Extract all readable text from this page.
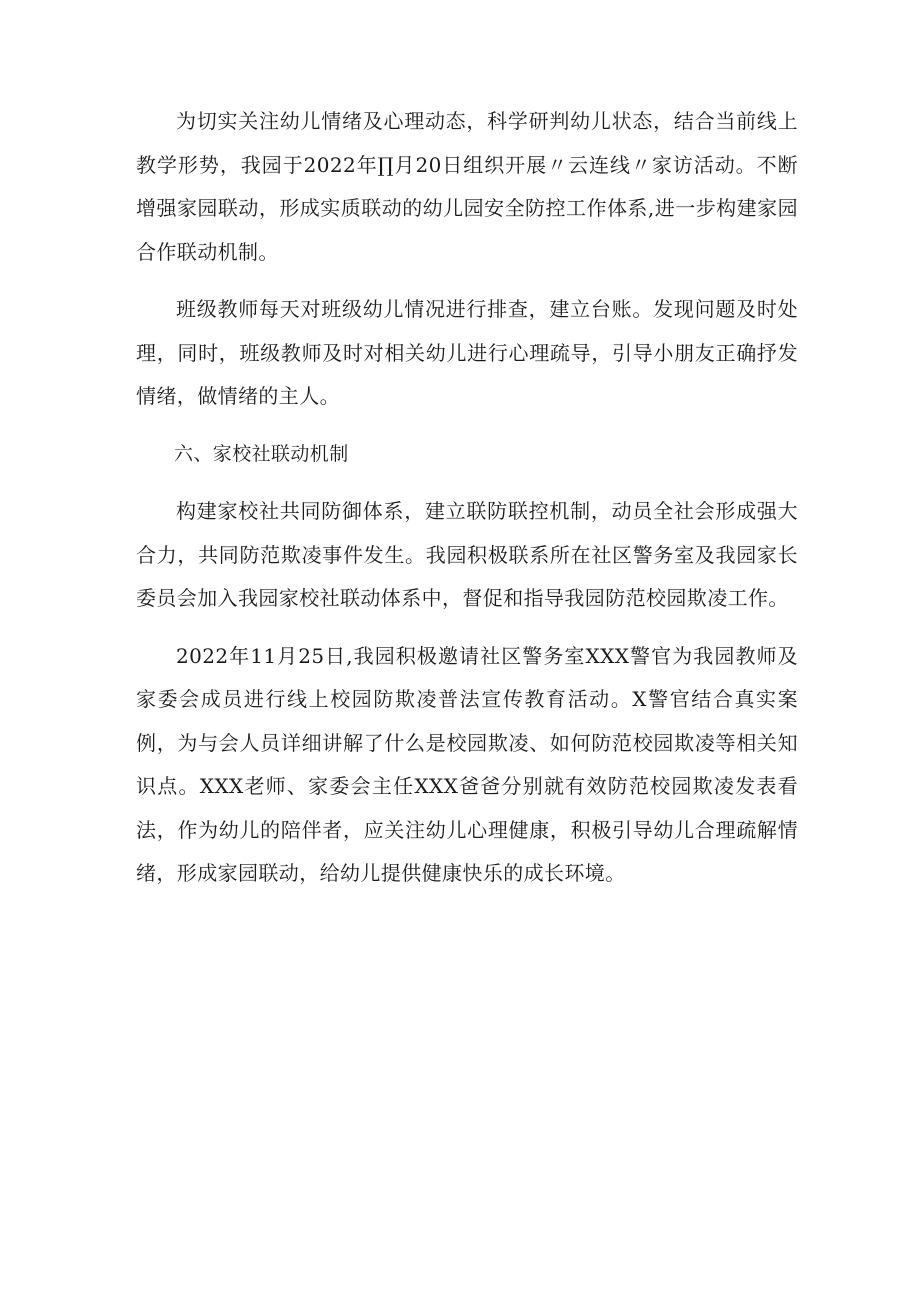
为切实关注幼儿情绪及心理动态，科学研判幼儿状态，结合当前线上教学形势，我园于2022年∏月20日组织开展〃云连线〃家访活动。不断增强家园联动，形成实质联动的幼儿园安全防控工作体系,进一步构建家园合作联动机制。

班级教师每天对班级幼儿情况进行排查，建立台账。发现问题及时处理，同时，班级教师及时对相关幼儿进行心理疏导，引导小朋友正确抒发情绪，做情绪的主人。

六、家校社联动机制

构建家校社共同防御体系，建立联防联控机制，动员全社会形成强大合力，共同防范欺凌事件发生。我园积极联系所在社区警务室及我园家长委员会加入我园家校社联动体系中，督促和指导我园防范校园欺凌工作。

2022年11月25日,我园积极邀请社区警务室XXX警官为我园教师及家委会成员进行线上校园防欺凌普法宣传教育活动。X警官结合真实案例，为与会人员详细讲解了什么是校园欺凌、如何防范校园欺凌等相关知识点。XXX老师、家委会主任XXX爸爸分别就有效防范校园欺凌发表看法，作为幼儿的陪伴者，应关注幼儿心理健康，积极引导幼儿合理疏解情绪，形成家园联动，给幼儿提供健康快乐的成长环境。
